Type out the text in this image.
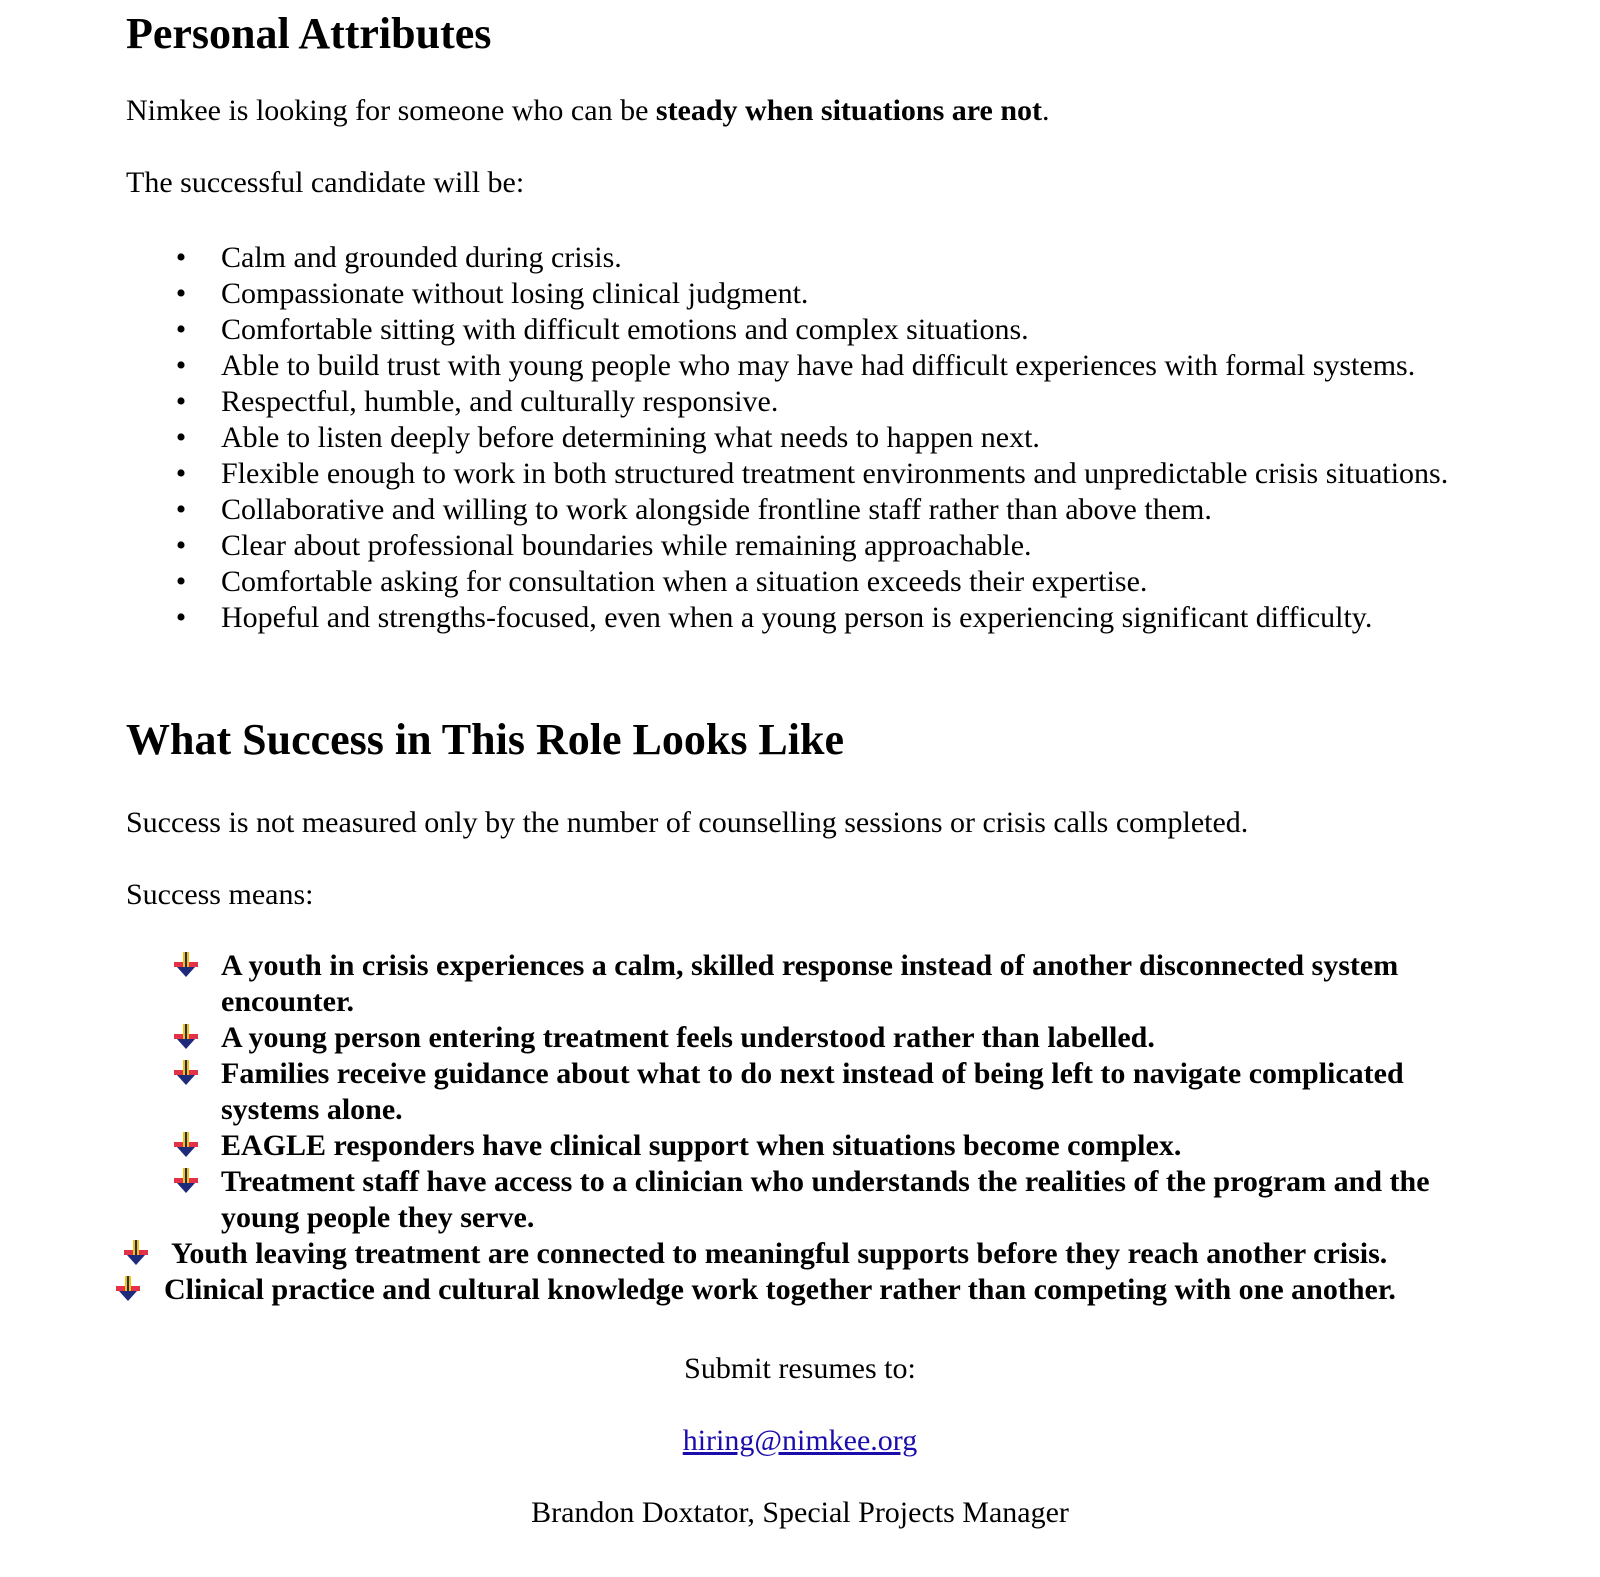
Personal Attributes

Nimkee is looking for someone who can be steady when situations are not.

The successful candidate will be:

• Calm and grounded during crisis.
• Compassionate without losing clinical judgment.
• Comfortable sitting with difficult emotions and complex situations.
• Able to build trust with young people who may have had difficult experiences with formal systems.
• Respectful, humble, and culturally responsive.
• Able to listen deeply before determining what needs to happen next.
• Flexible enough to work in both structured treatment environments and unpredictable crisis situations.
• Collaborative and willing to work alongside frontline staff rather than above them.
• Clear about professional boundaries while remaining approachable.
• Comfortable asking for consultation when a situation exceeds their expertise.
• Hopeful and strengths-focused, even when a young person is experiencing significant difficulty.
What Success in This Role Looks Like

Success is not measured only by the number of counselling sessions or crisis calls completed.

Success means:

A youth in crisis experiences a calm, skilled response instead of another disconnected system encounter.
A young person entering treatment feels understood rather than labelled.
Families receive guidance about what to do next instead of being left to navigate complicated systems alone.
EAGLE responders have clinical support when situations become complex.
Treatment staff have access to a clinician who understands the realities of the program and the young people they serve.
Youth leaving treatment are connected to meaningful supports before they reach another crisis.
Clinical practice and cultural knowledge work together rather than competing with one another.

Submit resumes to:

hiring@nimkee.org

Brandon Doxtator, Special Projects Manager
